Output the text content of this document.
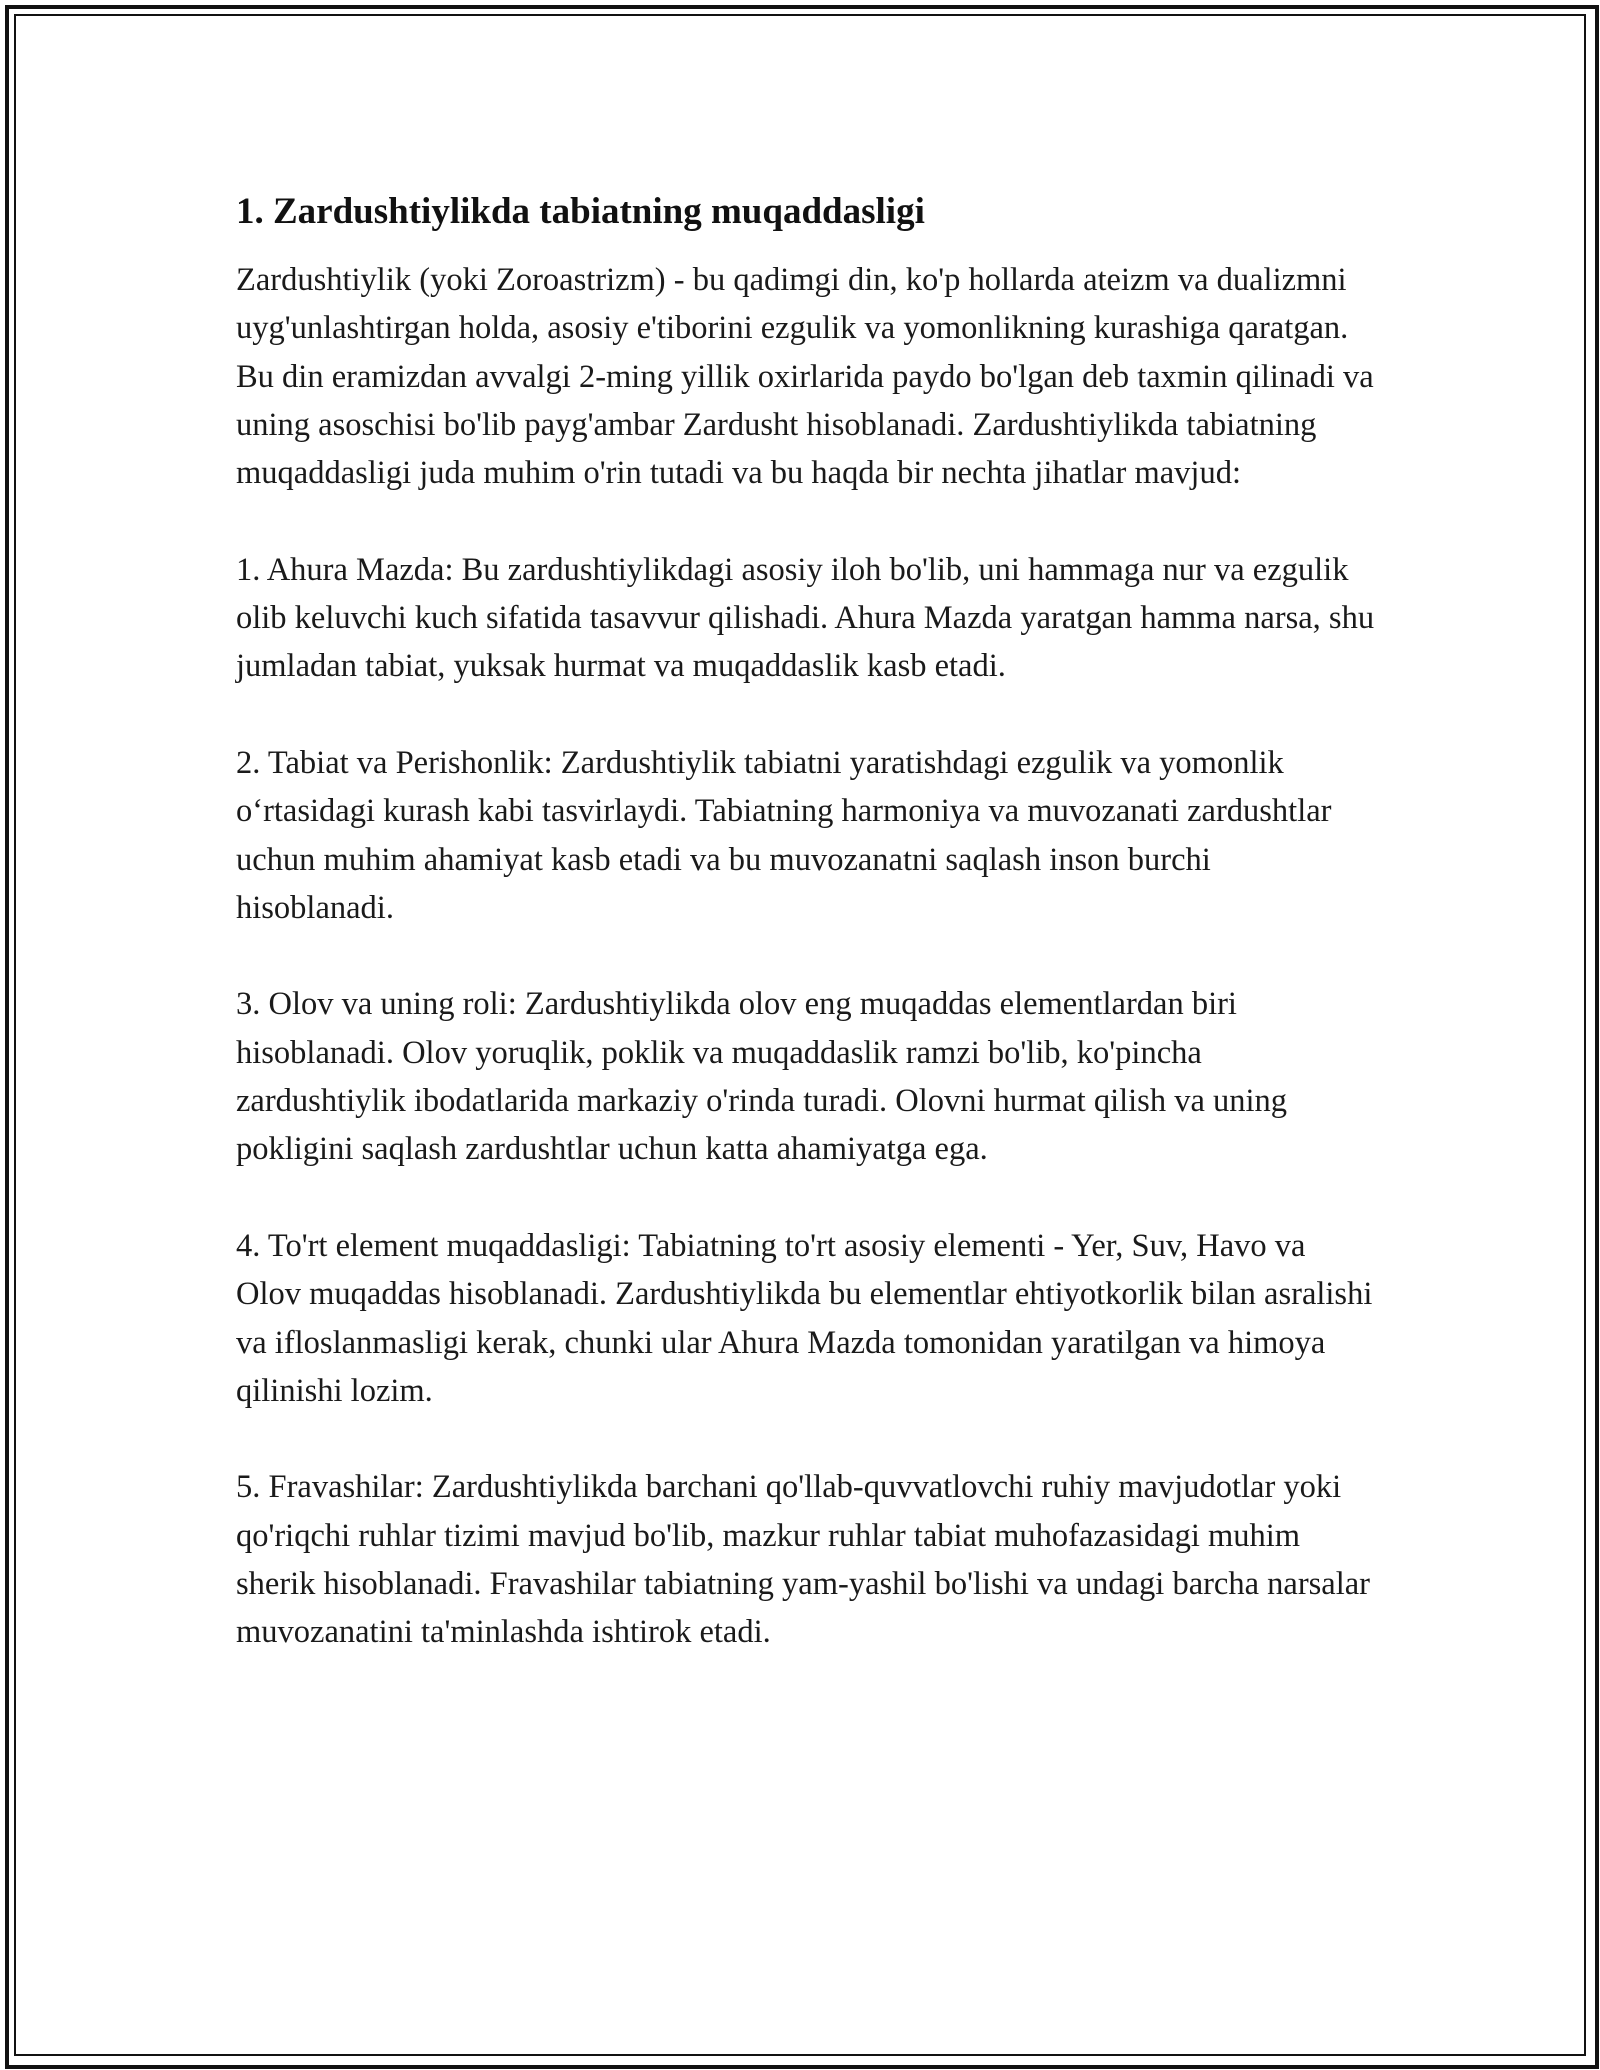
1. Zardushtiylikda tabiatning muqaddasligi

Zardushtiylik (yoki Zoroastrizm) - bu qadimgi din, ko'p hollarda ateizm va dualizmni uyg'unlashtirgan holda, asosiy e'tiborini ezgulik va yomonlikning kurashiga qaratgan. Bu din eramizdan avvalgi 2-ming yillik oxirlarida paydo bo'lgan deb taxmin qilinadi va uning asoschisi bo'lib payg'ambar Zardusht hisoblanadi. Zardushtiylikda tabiatning muqaddasligi juda muhim o'rin tutadi va bu haqda bir nechta jihatlar mavjud:

1. Ahura Mazda: Bu zardushtiylikdagi asosiy iloh bo'lib, uni hammaga nur va ezgulik olib keluvchi kuch sifatida tasavvur qilishadi. Ahura Mazda yaratgan hamma narsa, shu jumladan tabiat, yuksak hurmat va muqaddaslik kasb etadi.

2. Tabiat va Perishonlik: Zardushtiylik tabiatni yaratishdagi ezgulik va yomonlik o‘rtasidagi kurash kabi tasvirlaydi. Tabiatning harmoniya va muvozanati zardushtlar uchun muhim ahamiyat kasb etadi va bu muvozanatni saqlash inson burchi hisoblanadi.

3. Olov va uning roli: Zardushtiylikda olov eng muqaddas elementlardan biri hisoblanadi. Olov yoruqlik, poklik va muqaddaslik ramzi bo'lib, ko'pincha zardushtiylik ibodatlarida markaziy o'rinda turadi. Olovni hurmat qilish va uning pokligini saqlash zardushtlar uchun katta ahamiyatga ega.

4. To'rt element muqaddasligi: Tabiatning to'rt asosiy elementi - Yer, Suv, Havo va Olov muqaddas hisoblanadi. Zardushtiylikda bu elementlar ehtiyotkorlik bilan asralishi va ifloslanmasligi kerak, chunki ular Ahura Mazda tomonidan yaratilgan va himoya qilinishi lozim.

5. Fravashilar: Zardushtiylikda barchani qo'llab-quvvatlovchi ruhiy mavjudotlar yoki qo'riqchi ruhlar tizimi mavjud bo'lib, mazkur ruhlar tabiat muhofazasidagi muhim sherik hisoblanadi. Fravashilar tabiatning yam-yashil bo'lishi va undagi barcha narsalar muvozanatini ta'minlashda ishtirok etadi.
